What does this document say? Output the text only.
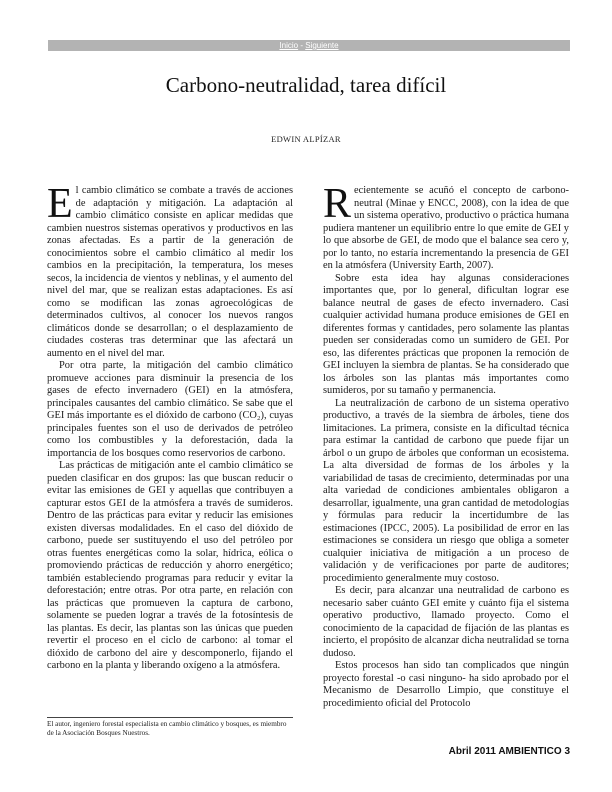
Inicio - Siguiente
Carbono-neutralidad, tarea difícil
EDWIN ALPÍZAR

El cambio climático se combate a través de acciones de adaptación y mitigación. La adaptación al cambio climático consiste en aplicar medidas que cambien nuestros sistemas operativos y productivos en las zonas afectadas. Es a partir de la generación de conocimientos sobre el cambio climático al medir los cambios en la precipitación, la temperatura, los meses secos, la incidencia de vientos y neblinas, y el aumento del nivel del mar, que se realizan estas adaptaciones. Es así como se modifican las zonas agroecológicas de determinados cultivos, al conocer los nuevos rangos climáticos donde se desarrollan; o el desplazamiento de ciudades costeras tras determinar que las afectará un aumento en el nivel del mar.

Por otra parte, la mitigación del cambio climático promueve acciones para disminuir la presencia de los gases de efecto invernadero (GEI) en la atmósfera, principales causantes del cambio climático. Se sabe que el GEI más importante es el dióxido de carbono (CO₂), cuyas principales fuentes son el uso de derivados de petróleo como los combustibles y la deforestación, dada la importancia de los bosques como reservorios de carbono.

Las prácticas de mitigación ante el cambio climático se pueden clasificar en dos grupos: las que buscan reducir o evitar las emisiones de GEI y aquellas que contribuyen a capturar estos GEI de la atmósfera a través de sumideros. Dentro de las prácticas para evitar y reducir las emisiones existen diversas modalidades. En el caso del dióxido de carbono, puede ser sustituyendo el uso del petróleo por otras fuentes energéticas como la solar, hídrica, eólica o promoviendo prácticas de reducción y ahorro energético; también estableciendo programas para reducir y evitar la deforestación; entre otras. Por otra parte, en relación con las prácticas que promueven la captura de carbono, solamente se pueden lograr a través de la fotosíntesis de las plantas. Es decir, las plantas son las únicas que pueden revertir el proceso en el ciclo de carbono: al tomar el dióxido de carbono del aire y descomponerlo, fijando el carbono en la planta y liberando oxígeno a la atmósfera.

Recientemente se acuñó el concepto de carbono-neutral (Minae y ENCC, 2008), con la idea de que un sistema operativo, productivo o práctica humana pudiera mantener un equilibrio entre lo que emite de GEI y lo que absorbe de GEI, de modo que el balance sea cero y, por lo tanto, no estaría incrementando la presencia de GEI en la atmósfera (University Earth, 2007).

Sobre esta idea hay algunas consideraciones importantes que, por lo general, dificultan lograr ese balance neutral de gases de efecto invernadero. Casi cualquier actividad humana produce emisiones de GEI en diferentes formas y cantidades, pero solamente las plantas pueden ser consideradas como un sumidero de GEI. Por eso, las diferentes prácticas que proponen la remoción de GEI incluyen la siembra de plantas. Se ha considerado que los árboles son las plantas más importantes como sumideros, por su tamaño y permanencia.

La neutralización de carbono de un sistema operativo productivo, a través de la siembra de árboles, tiene dos limitaciones. La primera, consiste en la dificultad técnica para estimar la cantidad de carbono que puede fijar un árbol o un grupo de árboles que conforman un ecosistema. La alta diversidad de formas de los árboles y la variabilidad de tasas de crecimiento, determinadas por una alta variedad de condiciones ambientales obligaron a desarrollar, igualmente, una gran cantidad de metodologías y fórmulas para reducir la incertidumbre de las estimaciones (IPCC, 2005). La posibilidad de error en las estimaciones se considera un riesgo que obliga a someter cualquier iniciativa de mitigación a un proceso de validación y de verificaciones por parte de auditores; procedimiento generalmente muy costoso.

Es decir, para alcanzar una neutralidad de carbono es necesario saber cuánto GEI emite y cuánto fija el sistema operativo productivo, llamado proyecto. Como el conocimiento de la capacidad de fijación de las plantas es incierto, el propósito de alcanzar dicha neutralidad se torna dudoso.

Estos procesos han sido tan complicados que ningún proyecto forestal -o casi ninguno- ha sido aprobado por el Mecanismo de Desarrollo Limpio, que constituye el procedimiento oficial del Protocolo

El autor, ingeniero forestal especialista en cambio climático y bosques, es miembro de la Asociación Bosques Nuestros.
Abril 2011 AMBIENTICO 3
